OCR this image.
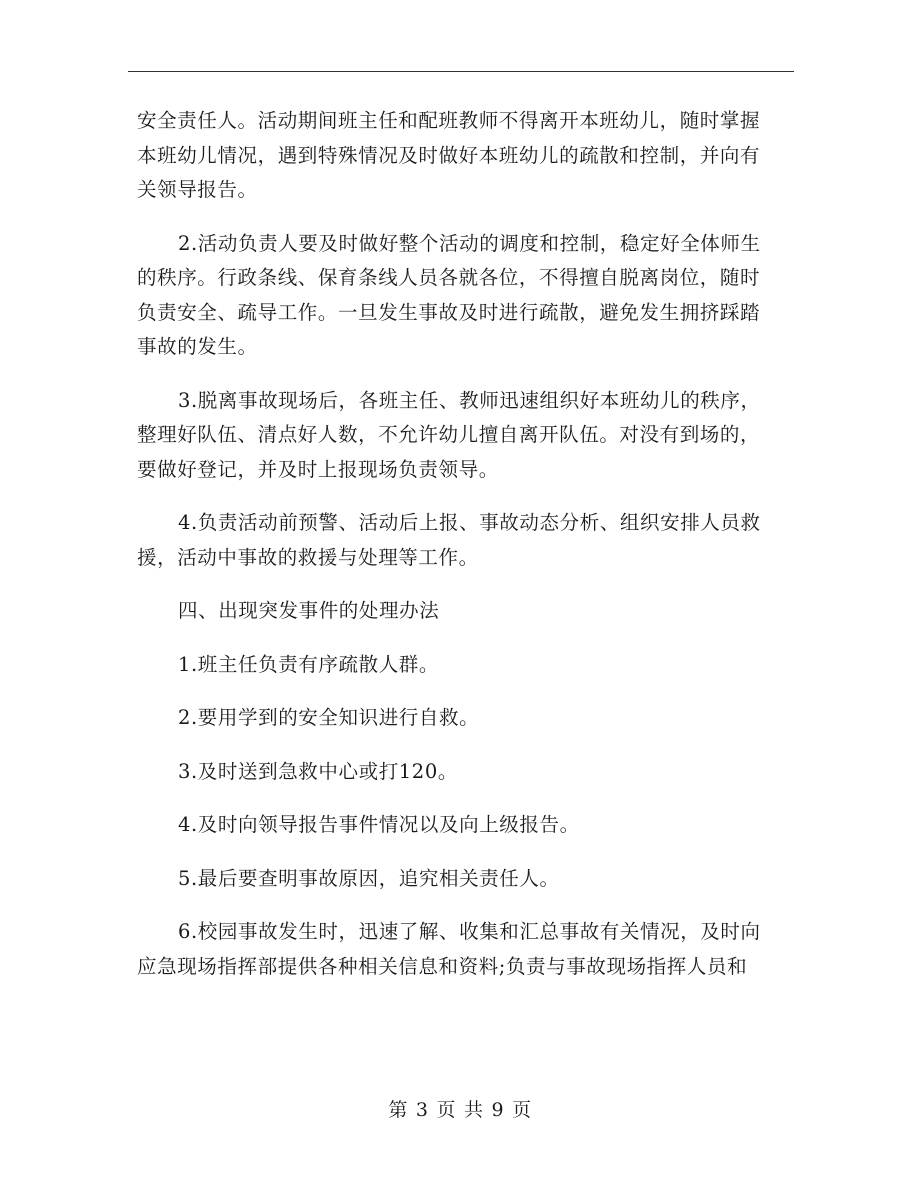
安全责任人。活动期间班主任和配班教师不得离开本班幼儿，随时掌握
本班幼儿情况，遇到特殊情况及时做好本班幼儿的疏散和控制，并向有
关领导报告。

2.活动负责人要及时做好整个活动的调度和控制，稳定好全体师生
的秩序。行政条线、保育条线人员各就各位，不得擅自脱离岗位，随时
负责安全、疏导工作。一旦发生事故及时进行疏散，避免发生拥挤踩踏
事故的发生。

3.脱离事故现场后，各班主任、教师迅速组织好本班幼儿的秩序，
整理好队伍、清点好人数，不允许幼儿擅自离开队伍。对没有到场的，
要做好登记，并及时上报现场负责领导。

4.负责活动前预警、活动后上报、事故动态分析、组织安排人员救
援，活动中事故的救援与处理等工作。

四、出现突发事件的处理办法

1.班主任负责有序疏散人群。

2.要用学到的安全知识进行自救。

3.及时送到急救中心或打120。

4.及时向领导报告事件情况以及向上级报告。

5.最后要查明事故原因，追究相关责任人。

6.校园事故发生时，迅速了解、收集和汇总事故有关情况，及时向
应急现场指挥部提供各种相关信息和资料;负责与事故现场指挥人员和

第 3 页 共 9 页
